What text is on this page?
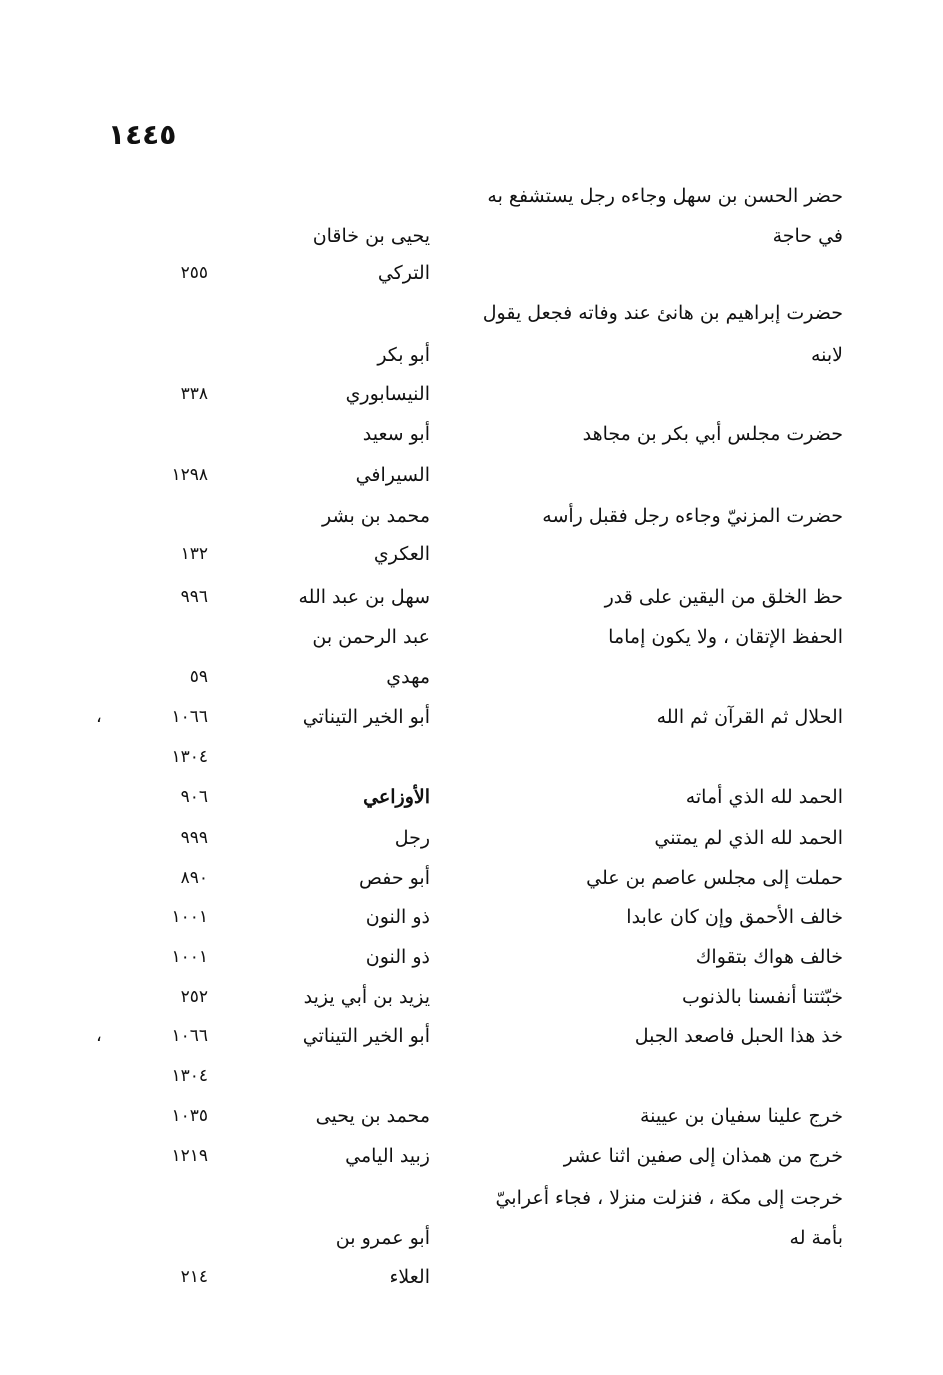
١٤٤٥
حضر الحسن بن سهل وجاءه رجل يستشفع به
في حاجة
يحيى بن خاقان
التركي
٢٥٥
حضرت إبراهيم بن هانئ عند وفاته فجعل يقول
لابنه
أبو بكر
النيسابوري
٣٣٨
حضرت مجلس أبي بكر بن مجاهد
أبو سعيد
السيرافي
١٢٩٨
حضرت المزنيّ وجاءه رجل فقبل رأسه
محمد بن بشر
العكري
١٣٢
حظ الخلق من اليقين على قدر
سهل بن عبد الله
٩٩٦
الحفظ الإتقان ، ولا يكون إماما
عبد الرحمن بن
مهدي
٥٩
الحلال ثم القرآن ثم الله
أبو الخير التيناتي
١٠٦٦
،
١٣٠٤
الحمد لله الذي أماته
الأوزاعي
٩٠٦
الحمد لله الذي لم يمتني
رجل
٩٩٩
حملت إلى مجلس عاصم بن علي
أبو حفص
٨٩٠
خالف الأحمق وإن كان عابدا
ذو النون
١٠٠١
خالف هواك بتقواك
ذو النون
١٠٠١
خبّثتنا أنفسنا بالذنوب
يزيد بن أبي يزيد
٢٥٢
خذ هذا الحبل فاصعد الجبل
أبو الخير التيناتي
١٠٦٦
،
١٣٠٤
خرج علينا سفيان بن عيينة
محمد بن يحيى
١٠٣٥
خرج من همذان إلى صفين اثنا عشر
زبيد اليامي
١٢١٩
خرجت إلى مكة ، فنزلت منزلا ، فجاء أعرابيّ
بأمة له
أبو عمرو بن
العلاء
٢١٤
